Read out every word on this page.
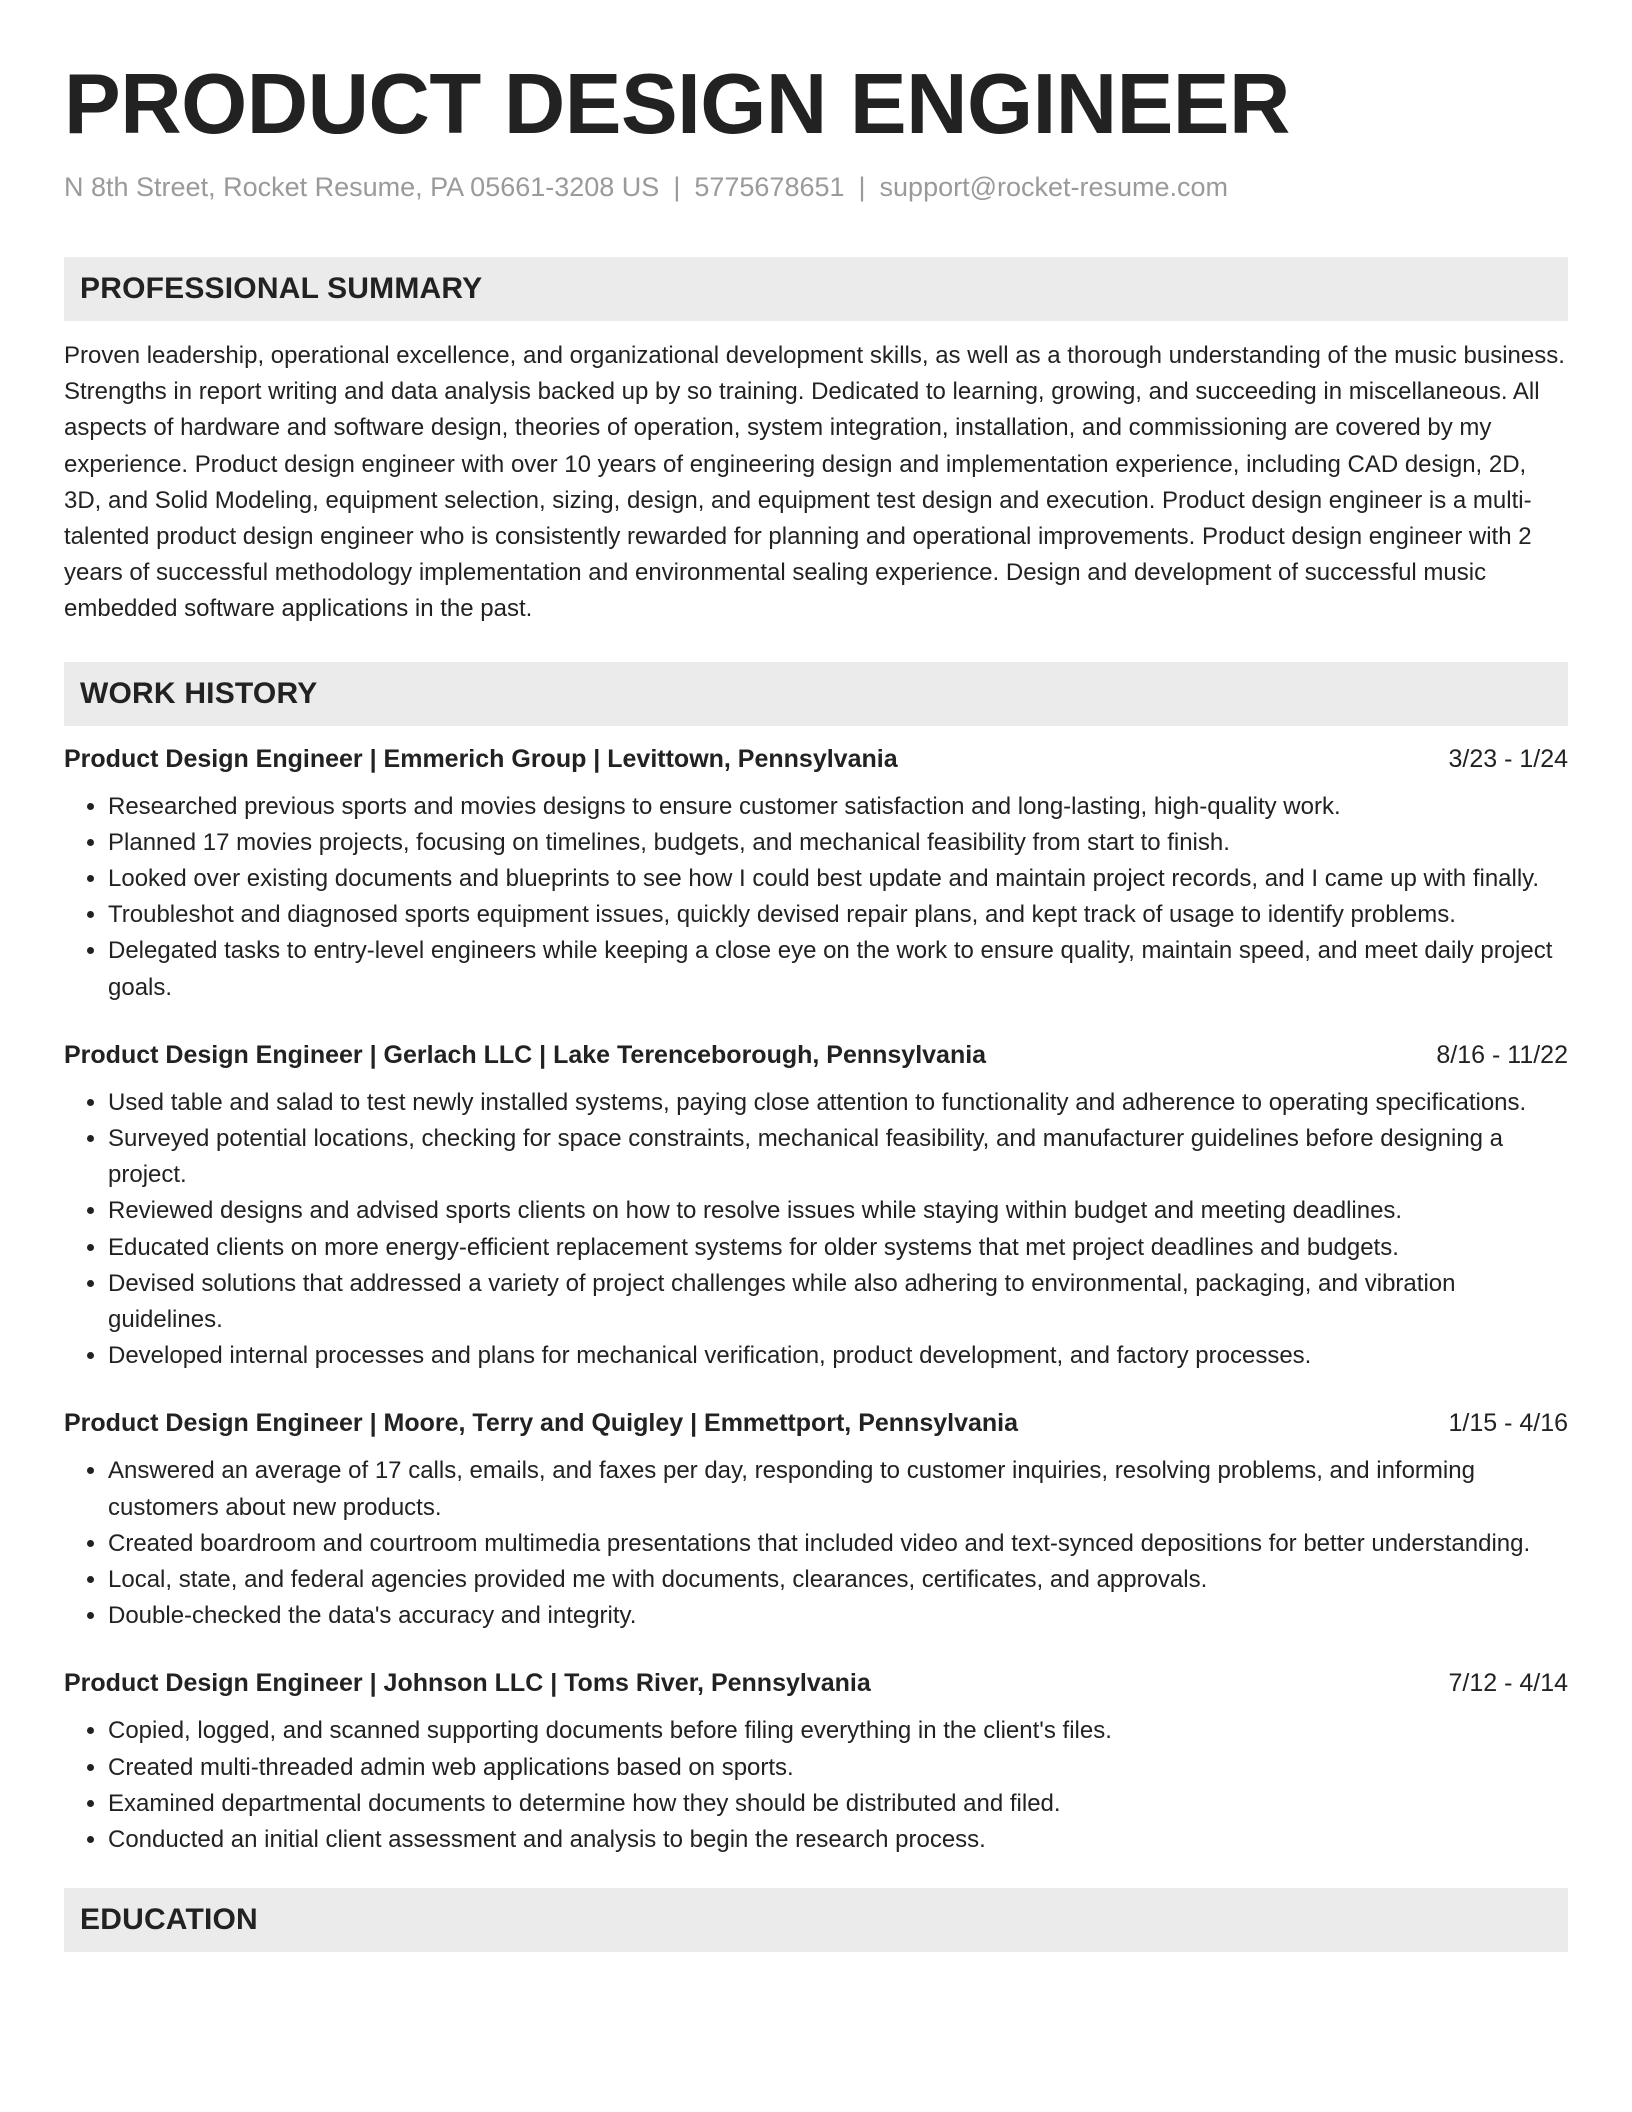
PRODUCT DESIGN ENGINEER
N 8th Street, Rocket Resume, PA 05661-3208 US | 5775678651 | support@rocket-resume.com
PROFESSIONAL SUMMARY

Proven leadership, operational excellence, and organizational development skills, as well as a thorough understanding of the music business. Strengths in report writing and data analysis backed up by so training. Dedicated to learning, growing, and succeeding in miscellaneous. All aspects of hardware and software design, theories of operation, system integration, installation, and commissioning are covered by my experience. Product design engineer with over 10 years of engineering design and implementation experience, including CAD design, 2D, 3D, and Solid Modeling, equipment selection, sizing, design, and equipment test design and execution. Product design engineer is a multi-talented product design engineer who is consistently rewarded for planning and operational improvements. Product design engineer with 2 years of successful methodology implementation and environmental sealing experience. Design and development of successful music embedded software applications in the past.

WORK HISTORY
Product Design Engineer | Emmerich Group | Levittown, Pennsylvania	3/23 - 1/24
• Researched previous sports and movies designs to ensure customer satisfaction and long-lasting, high-quality work.
• Planned 17 movies projects, focusing on timelines, budgets, and mechanical feasibility from start to finish.
• Looked over existing documents and blueprints to see how I could best update and maintain project records, and I came up with finally.
• Troubleshot and diagnosed sports equipment issues, quickly devised repair plans, and kept track of usage to identify problems.
• Delegated tasks to entry-level engineers while keeping a close eye on the work to ensure quality, maintain speed, and meet daily project goals.
Product Design Engineer | Gerlach LLC | Lake Terenceborough, Pennsylvania	8/16 - 11/22
• Used table and salad to test newly installed systems, paying close attention to functionality and adherence to operating specifications.
• Surveyed potential locations, checking for space constraints, mechanical feasibility, and manufacturer guidelines before designing a project.
• Reviewed designs and advised sports clients on how to resolve issues while staying within budget and meeting deadlines.
• Educated clients on more energy-efficient replacement systems for older systems that met project deadlines and budgets.
• Devised solutions that addressed a variety of project challenges while also adhering to environmental, packaging, and vibration guidelines.
• Developed internal processes and plans for mechanical verification, product development, and factory processes.
Product Design Engineer | Moore, Terry and Quigley | Emmettport, Pennsylvania	1/15 - 4/16
• Answered an average of 17 calls, emails, and faxes per day, responding to customer inquiries, resolving problems, and informing customers about new products.
• Created boardroom and courtroom multimedia presentations that included video and text-synced depositions for better understanding.
• Local, state, and federal agencies provided me with documents, clearances, certificates, and approvals.
• Double-checked the data's accuracy and integrity.
Product Design Engineer | Johnson LLC | Toms River, Pennsylvania	7/12 - 4/14
• Copied, logged, and scanned supporting documents before filing everything in the client's files.
• Created multi-threaded admin web applications based on sports.
• Examined departmental documents to determine how they should be distributed and filed.
• Conducted an initial client assessment and analysis to begin the research process.
EDUCATION
